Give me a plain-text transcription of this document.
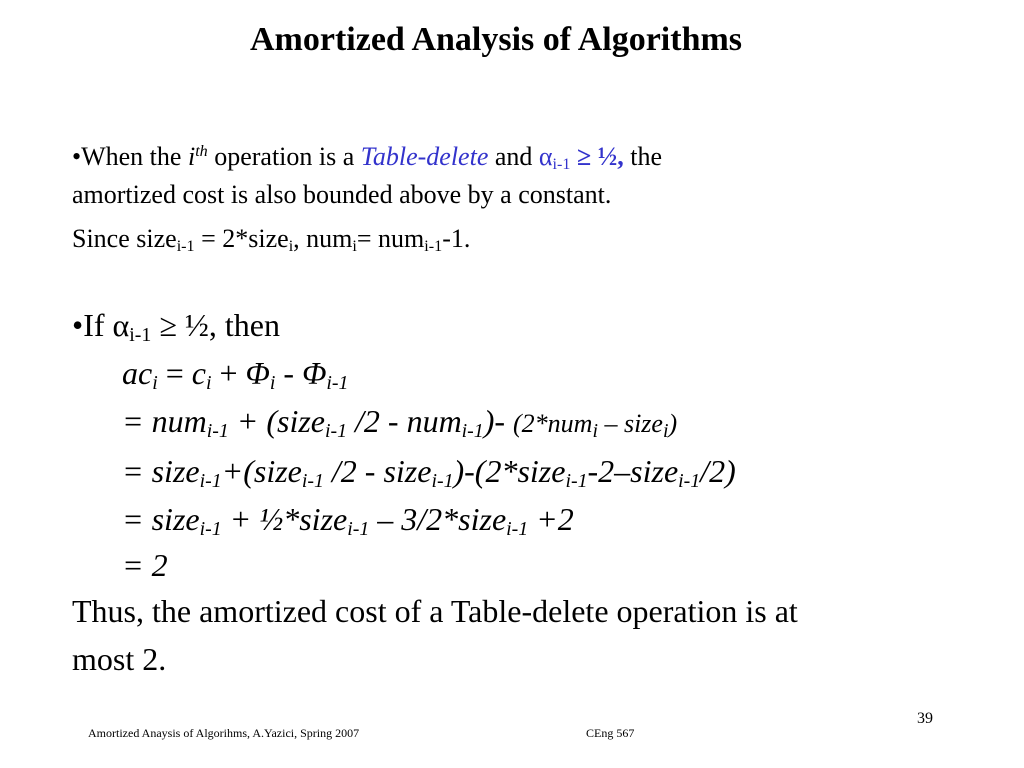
Amortized Analysis of Algorithms
•When the $i^{th}$ operation is a Table-delete and $\alpha_{i-1}$ ≥ ½, the
amortized cost is also bounded above by a constant.
Since size$_{i-1}$ = 2*size$_i$, num$_i$= num$_{i-1}$-1.
•If $\alpha_{i-1}$ ≥ ½, then
$ac_i = c_i + \Phi_i - \Phi_{i-1}$
= num$_{i-1}$ + (size$_{i-1}$ /2 - num$_{i-1}$)- (2*num$_i$ – size$_i$)
= size$_{i-1}$+(size$_{i-1}$ /2 - size$_{i-1}$)-(2*size$_{i-1}$-2–size$_{i-1}$/2)
= size$_{i-1}$ + ½*size$_{i-1}$ – 3/2*size$_{i-1}$ +2
= 2
Thus, the amortized cost of a Table-delete operation is at
most 2.
Amortized Anaysis of Algorihms, A.Yazici, Spring 2007	CEng 567
39
